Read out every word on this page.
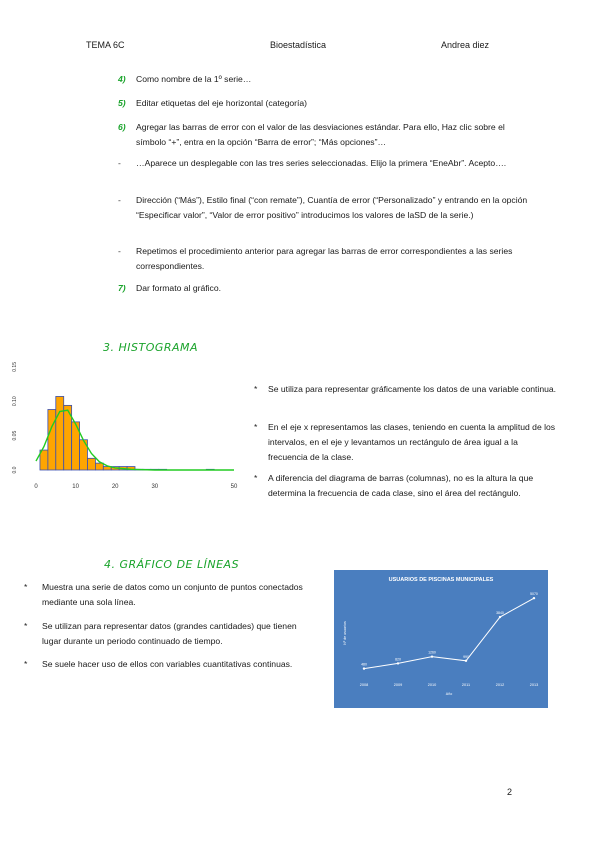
TEMA 6C	Bioestadística	Andrea diez
4) Como nombre de la 1º serie…
5) Editar etiquetas del eje horizontal (categoría)
6) Agregar las barras de error con el valor de las desviaciones estándar. Para ello, Haz clic sobre el símbolo “+”, entra en la opción “Barra de error”; “Más opciones”…
- …Aparece un desplegable con las tres series seleccionadas. Elijo la primera “EneAbr”. Acepto….
- Dirección (“Más”), Estilo final (“con remate”), Cuantía de error (“Personalizado” y entrando en la opción “Especificar valor”, “Valor de error positivo” introducimos los valores de laSD de la serie.)
- Repetimos el procedimiento anterior para agregar las barras de error correspondientes a las series correspondientes.
7) Dar formato al gráfico.
3. HISTOGRAMA
0	10	20	30	50
0.0
0.05
0.10
0.15
* Se utiliza para representar gráficamente los datos de una variable continua.
* En el eje x representamos las clases, teniendo en cuenta la amplitud de los intervalos, en el eje y levantamos un rectángulo de área igual a la frecuencia de la clase.
* A diferencia del diagrama de barras (columnas), no es la altura la que determina la frecuencia de cada clase, sino el área del rectángulo.
4. GRÁFICO DE LÍNEAS
* Muestra una serie de datos como un conjunto de puntos conectados mediante una sola línea.
* Se utilizan para representar datos (grandes cantidades) que tienen lugar durante un periodo continuado de tiempo.
* Se suele hacer uso de ellos con variables cuantitativas continuas.
USUARIOS DE PISCINAS MUNICIPALES
480
820
1260
990
3840
5070
2008	2009	2010	2011	2012	2013
Año
Nº de usuarios
2
